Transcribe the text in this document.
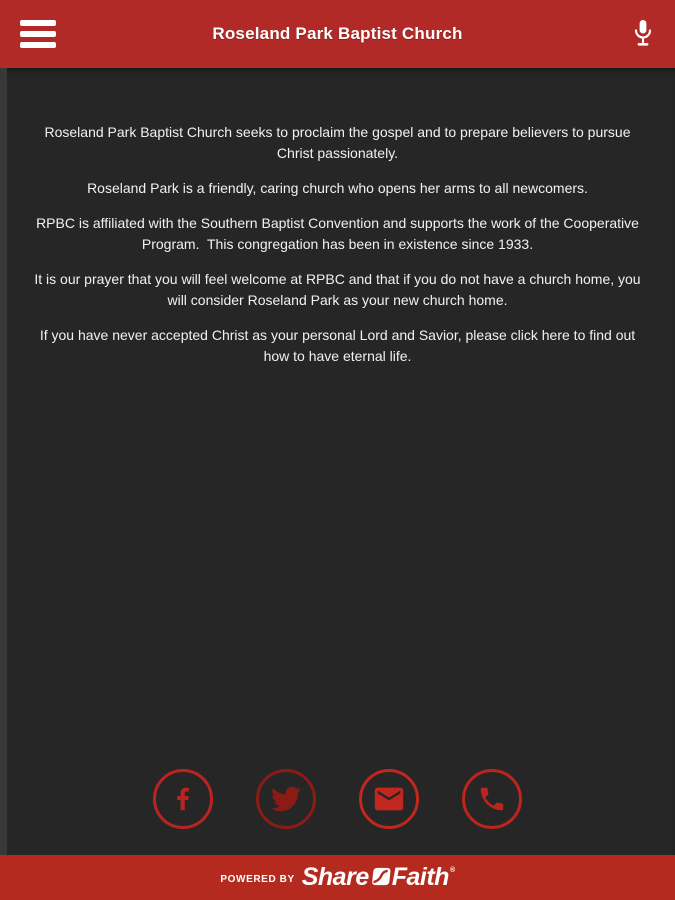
Roseland Park Baptist Church

Roseland Park Baptist Church seeks to proclaim the gospel and to prepare believers to pursue Christ passionately.

Roseland Park is a friendly, caring church who opens her arms to all newcomers.

RPBC is affiliated with the Southern Baptist Convention and supports the work of the Cooperative Program.  This congregation has been in existence since 1933.

It is our prayer that you will feel welcome at RPBC and that if you do not have a church home, you will consider Roseland Park as your new church home.

If you have never accepted Christ as your personal Lord and Savior, please click here to find out how to have eternal life.

POWERED BY Share Faith ®
